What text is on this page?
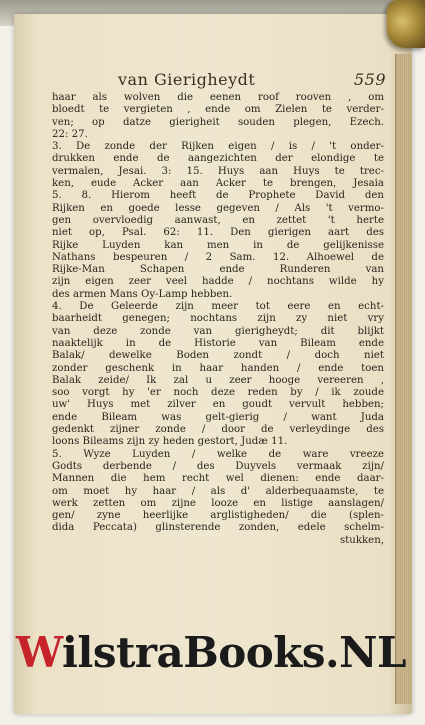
van Gierigheydt	559
haar als wolven die eenen roof rooven , om
bloedt te vergieten , ende om Zielen te verder-
ven; op datze gierigheit souden plegen, Ezech.
22: 27.
3. De zonde der Rijken eigen / is / 't onder-
drukken ende de aangezichten der elondige te
vermalen, Jesai. 3: 15. Huys aan Huys te trec-
ken, eude Acker aan Acker te brengen, Jesaia
5. 8. Hierom heeft de Prophete David den
Rijken en goede lesse gegeven / Als 't vermo-
gen overvloedig aanwast, en zettet 't herte
niet op, Psal. 62: 11. Den gierigen aart des
Rijke Luyden kan men in de gelijkenisse
Nathans bespeuren / 2 Sam. 12. Alhoewel de
Rijke-Man Schapen ende Runderen van
zijn eigen zeer veel hadde / nochtans wilde hy
des armen Mans Oy-Lamp hebben.
4. De Geleerde zijn meer tot eere en echt-
baarheidt genegen; nochtans zijn zy niet vry
van deze zonde van gierigheydt; dit blijkt
naaktelijk in de Historie van Bileam ende
Balak/ dewelke Boden zondt / doch niet
zonder geschenk in haar handen / ende toen
Balak zeide/ Ik zal u zeer hooge vereeren ,
soo vorgt hy 'er noch deze reden by / ik zoude
uw' Huys met zilver en goudt vervult hebben;
ende Bileam was gelt-gierig / want Juda
gedenkt zijner zonde / door de verleydinge des
loons Bileams zijn zy heden gestort, Judæ 11.
5. Wyze Luyden / welke de ware vreeze
Godts derbende / des Duyvels vermaak zijn/
Mannen die hem recht wel dienen: ende daar-
om moet hy haar / als d' alderbequaamste, te
werk zetten om zijne looze en listige aanslagen/
gen/ zyne heerlijke arglistigheden/ die (splen-
dida Peccata) glinsterende zonden, edele schelm-
stukken,
WilstraBooks.NL
